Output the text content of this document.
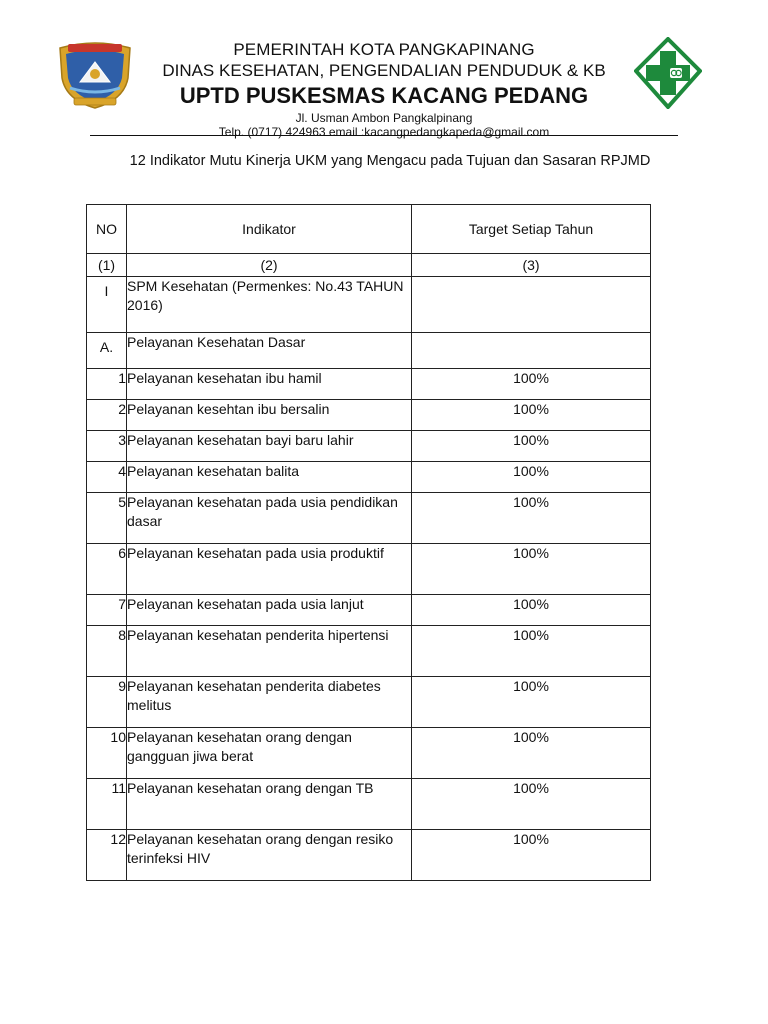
PEMERINTAH KOTA PANGKAPINANG
DINAS KESEHATAN, PENGENDALIAN PENDUDUK & KB
UPTD PUSKESMAS KACANG PEDANG
Jl. Usman Ambon Pangkalpinang
Telp. (0717) 424963 email :kacangpedangkapeda@gmail.com
12 Indikator Mutu Kinerja UKM yang Mengacu pada Tujuan dan Sasaran RPJMD
NO	Indikator	Target Setiap Tahun
(1)	(2)	(3)
I	SPM Kesehatan (Permenkes: No.43 TAHUN 2016)	
A.	Pelayanan Kesehatan Dasar	
1	Pelayanan kesehatan ibu hamil	100%
2	Pelayanan kesehtan ibu bersalin	100%
3	Pelayanan kesehatan bayi baru lahir	100%
4	Pelayanan kesehatan balita	100%
5	Pelayanan kesehatan pada usia pendidikan dasar	100%
6	Pelayanan kesehatan pada usia produktif	100%
7	Pelayanan kesehatan pada usia lanjut	100%
8	Pelayanan kesehatan penderita hipertensi	100%
9	Pelayanan kesehatan penderita diabetes melitus	100%
10	Pelayanan kesehatan orang dengan gangguan jiwa berat	100%
11	Pelayanan kesehatan orang dengan TB	100%
12	Pelayanan kesehatan orang dengan resiko terinfeksi HIV	100%
